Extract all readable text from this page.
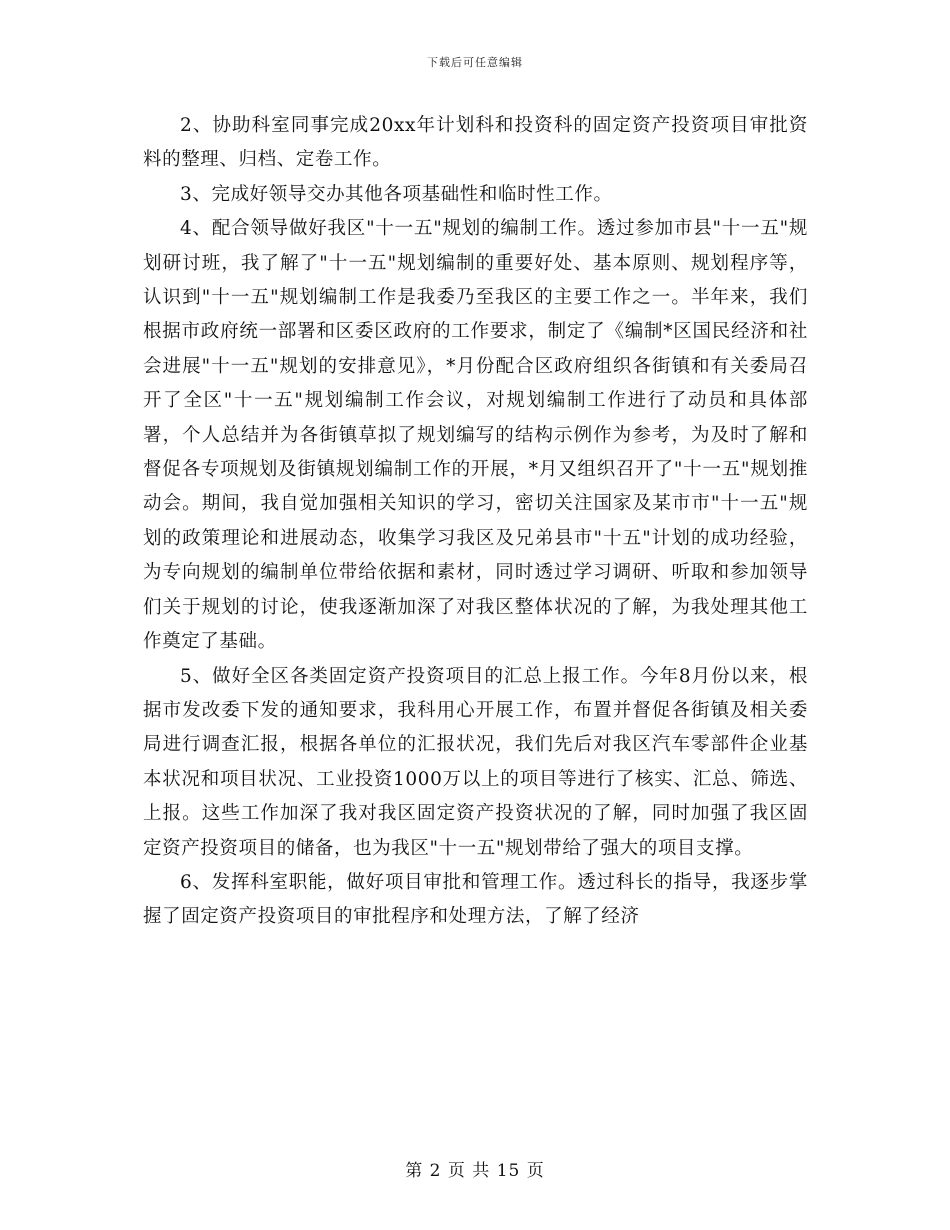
下载后可任意编辑

2、协助科室同事完成20xx年计划科和投资科的固定资产投资项目审批资料的整理、归档、定卷工作。

3、完成好领导交办其他各项基础性和临时性工作。

4、配合领导做好我区"十一五"规划的编制工作。透过参加市县"十一五"规划研讨班，我了解了"十一五"规划编制的重要好处、基本原则、规划程序等，认识到"十一五"规划编制工作是我委乃至我区的主要工作之一。半年来，我们根据市政府统一部署和区委区政府的工作要求，制定了《编制*区国民经济和社会进展"十一五"规划的安排意见》，*月份配合区政府组织各街镇和有关委局召开了全区"十一五"规划编制工作会议，对规划编制工作进行了动员和具体部署，个人总结并为各街镇草拟了规划编写的结构示例作为参考，为及时了解和督促各专项规划及街镇规划编制工作的开展，*月又组织召开了"十一五"规划推动会。期间，我自觉加强相关知识的学习，密切关注国家及某市市"十一五"规划的政策理论和进展动态，收集学习我区及兄弟县市"十五"计划的成功经验，为专向规划的编制单位带给依据和素材，同时透过学习调研、听取和参加领导们关于规划的讨论，使我逐渐加深了对我区整体状况的了解，为我处理其他工作奠定了基础。

5、做好全区各类固定资产投资项目的汇总上报工作。今年8月份以来，根据市发改委下发的通知要求，我科用心开展工作，布置并督促各街镇及相关委局进行调查汇报，根据各单位的汇报状况，我们先后对我区汽车零部件企业基本状况和项目状况、工业投资1000万以上的项目等进行了核实、汇总、筛选、上报。这些工作加深了我对我区固定资产投资状况的了解，同时加强了我区固定资产投资项目的储备，也为我区"十一五"规划带给了强大的项目支撑。

6、发挥科室职能，做好项目审批和管理工作。透过科长的指导，我逐步掌握了固定资产投资项目的审批程序和处理方法，了解了经济

第 2 页 共 15 页
